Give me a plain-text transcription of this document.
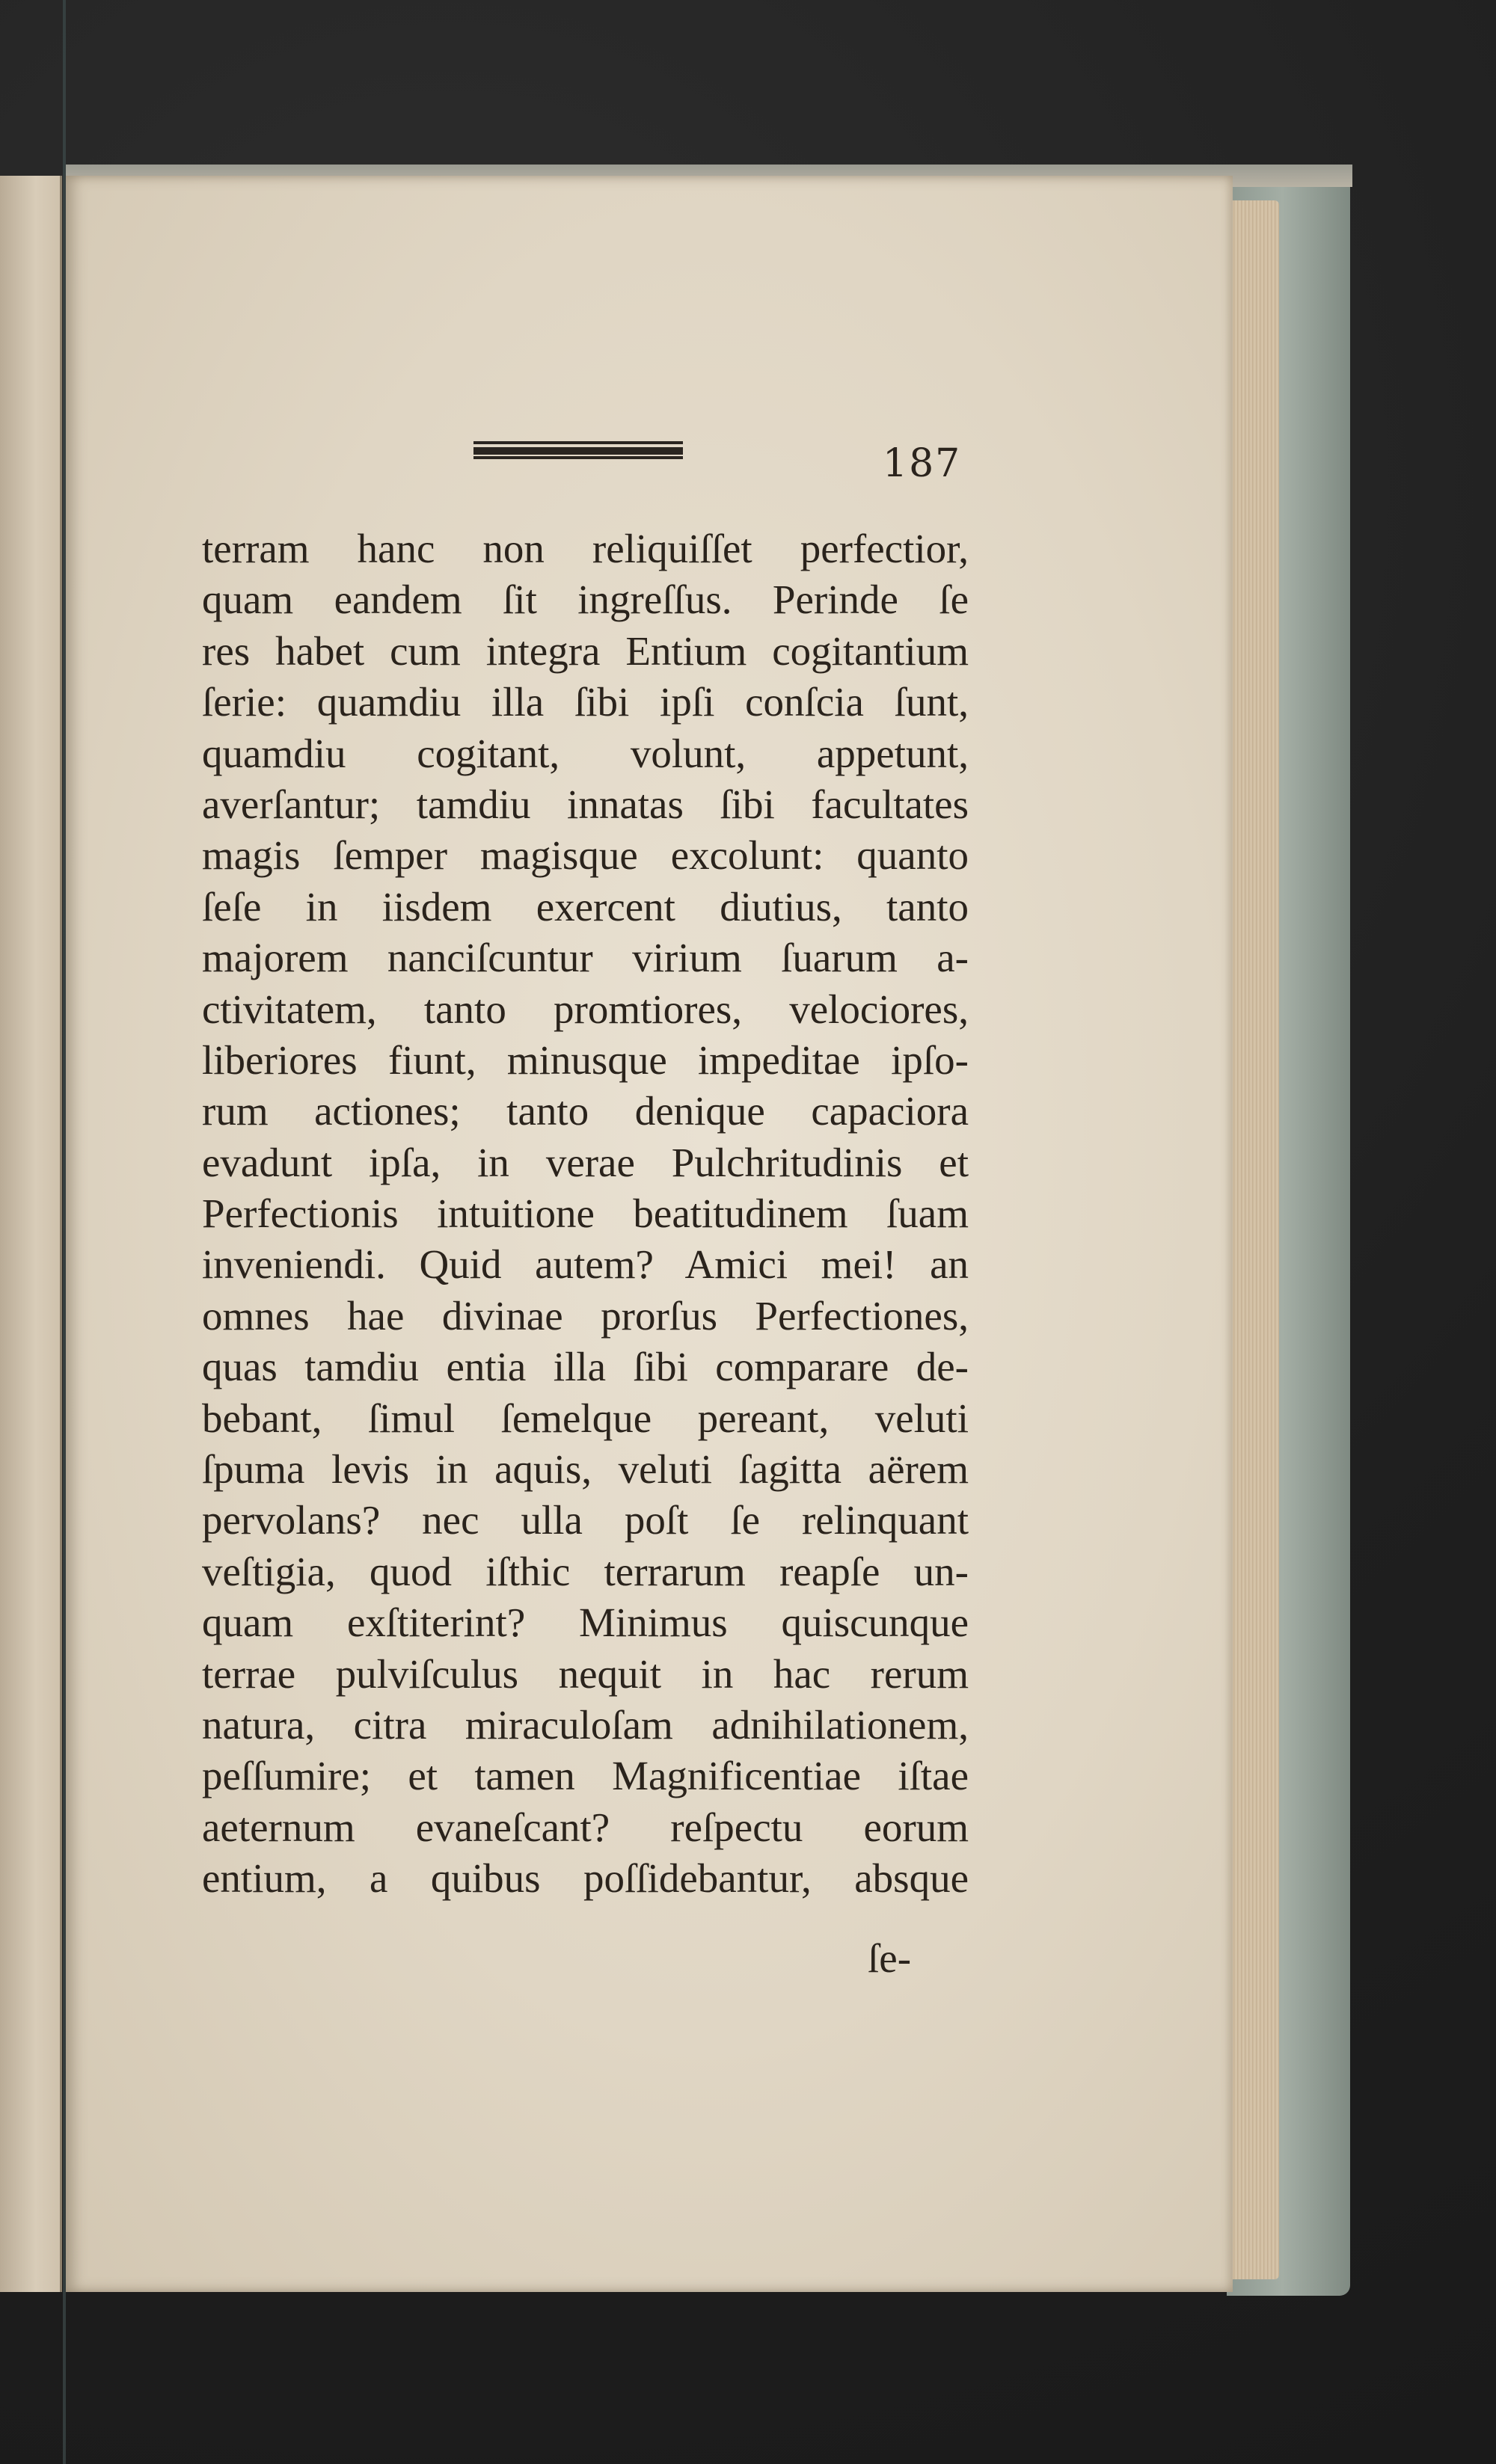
187
terram hanc non reliquiſſet perfectior,
quam eandem ſit ingreſſus. Perinde ſe
res habet cum integra Entium cogitantium
ſerie: quamdiu illa ſibi ipſi conſcia ſunt,
quamdiu cogitant, volunt, appetunt,
averſantur; tamdiu innatas ſibi facultates
magis ſemper magisque excolunt: quanto
ſeſe in iisdem exercent diutius, tanto
majorem nanciſcuntur virium ſuarum a-
ctivitatem, tanto promtiores, velociores,
liberiores fiunt, minusque impeditae ipſo-
rum actiones; tanto denique capaciora
evadunt ipſa, in verae Pulchritudinis et
Perfectionis intuitione beatitudinem ſuam
inveniendi. Quid autem? Amici mei! an
omnes hae divinae prorſus Perfectiones,
quas tamdiu entia illa ſibi comparare de-
bebant, ſimul ſemelque pereant, veluti
ſpuma levis in aquis, veluti ſagitta aërem
pervolans? nec ulla poſt ſe relinquant
veſtigia, quod iſthic terrarum reapſe un-
quam exſtiterint? Minimus quiscunque
terrae pulviſculus nequit in hac rerum
natura, citra miraculoſam adnihilationem,
peſſumire; et tamen Magnificentiae iſtae
aeternum evaneſcant? reſpectu eorum
entium, a quibus poſſidebantur, absque
ſe-
